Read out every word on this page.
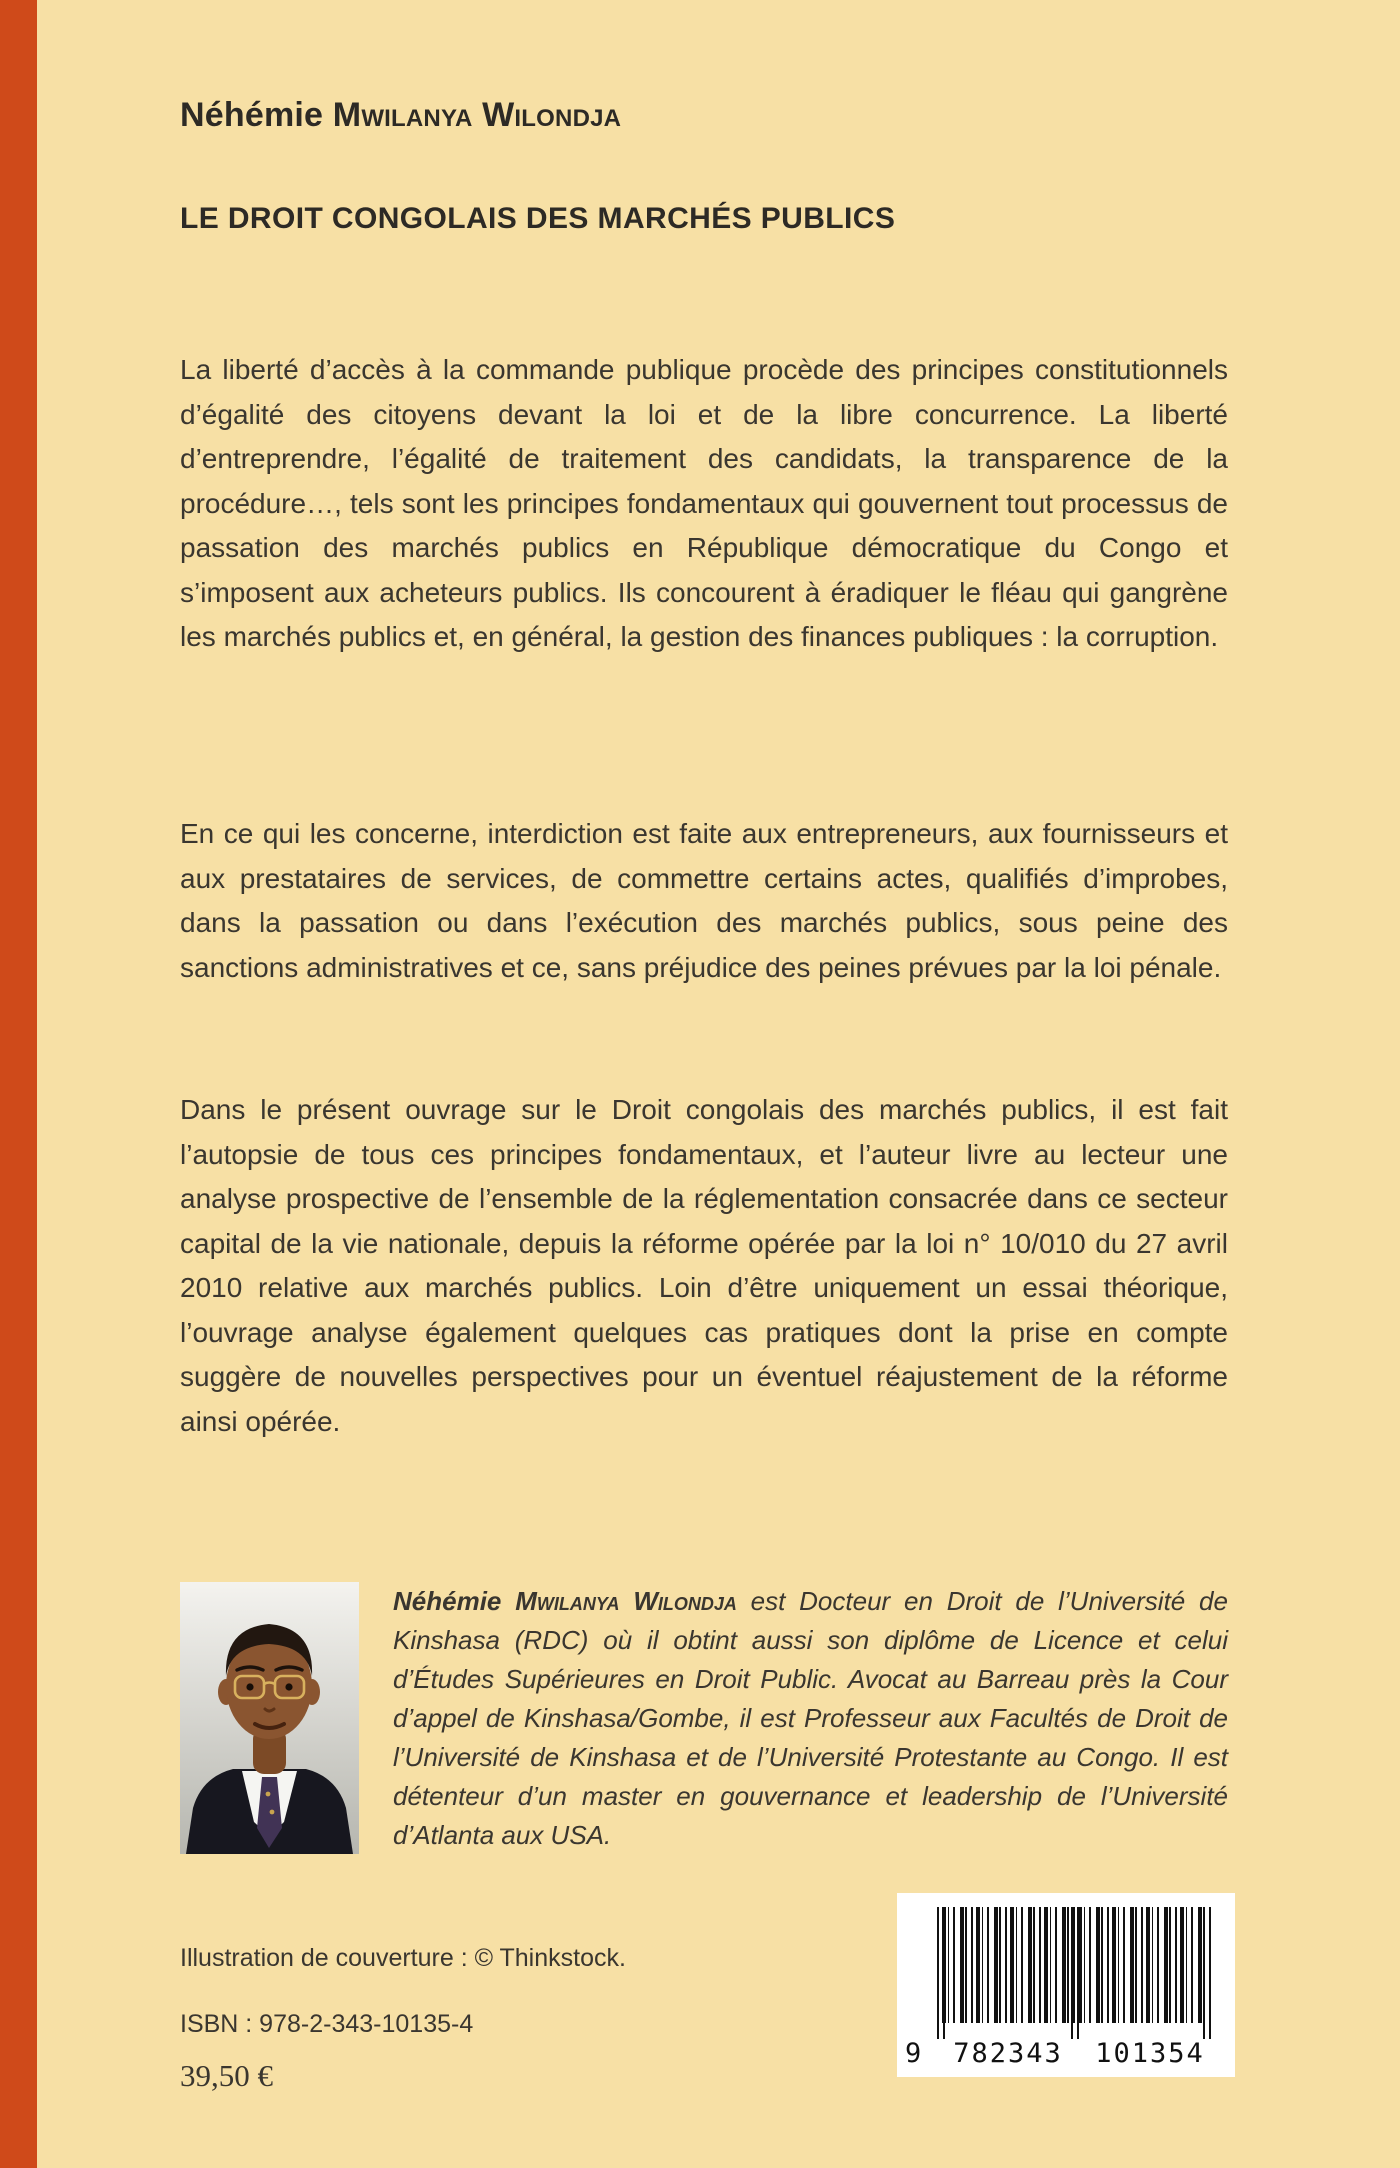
Néhémie Mwilanya Wilondja
LE DROIT CONGOLAIS DES MARCHÉS PUBLICS

La liberté d’accès à la commande publique procède des principes constitutionnels d’égalité des citoyens devant la loi et de la libre concurrence. La liberté d’entreprendre, l’égalité de traitement des candidats, la transparence de la procédure…, tels sont les principes fondamentaux qui gouvernent tout processus de passation des marchés publics en République démocratique du Congo et s’imposent aux acheteurs publics. Ils concourent à éradiquer le fléau qui gangrène les marchés publics et, en général, la gestion des finances publiques : la corruption.

En ce qui les concerne, interdiction est faite aux entrepreneurs, aux fournisseurs et aux prestataires de services, de commettre certains actes, qualifiés d’improbes, dans la passation ou dans l’exécution des marchés publics, sous peine des sanctions administratives et ce, sans préjudice des peines prévues par la loi pénale.

Dans le présent ouvrage sur le Droit congolais des marchés publics, il est fait l’autopsie de tous ces principes fondamentaux, et l’auteur livre au lecteur une analyse prospective de l’ensemble de la réglementation consacrée dans ce secteur capital de la vie nationale, depuis la réforme opérée par la loi n° 10/010 du 27 avril 2010 relative aux marchés publics. Loin d’être uniquement un essai théorique, l’ouvrage analyse également quelques cas pratiques dont la prise en compte suggère de nouvelles perspectives pour un éventuel réajustement de la réforme ainsi opérée.

Néhémie Mwilanya Wilondja est Docteur en Droit de l’Université de Kinshasa (RDC) où il obtint aussi son diplôme de Licence et celui d’Études Supérieures en Droit Public. Avocat au Barreau près la Cour d’appel de Kinshasa/Gombe, il est Professeur aux Facultés de Droit de l’Université de Kinshasa et de l’Université Protestante au Congo. Il est détenteur d’un master en gouvernance et leadership de l’Université d’Atlanta aux USA.

Illustration de couverture : © Thinkstock.

ISBN : 978-2-343-10135-4

39,50 €

9	782343	101354
